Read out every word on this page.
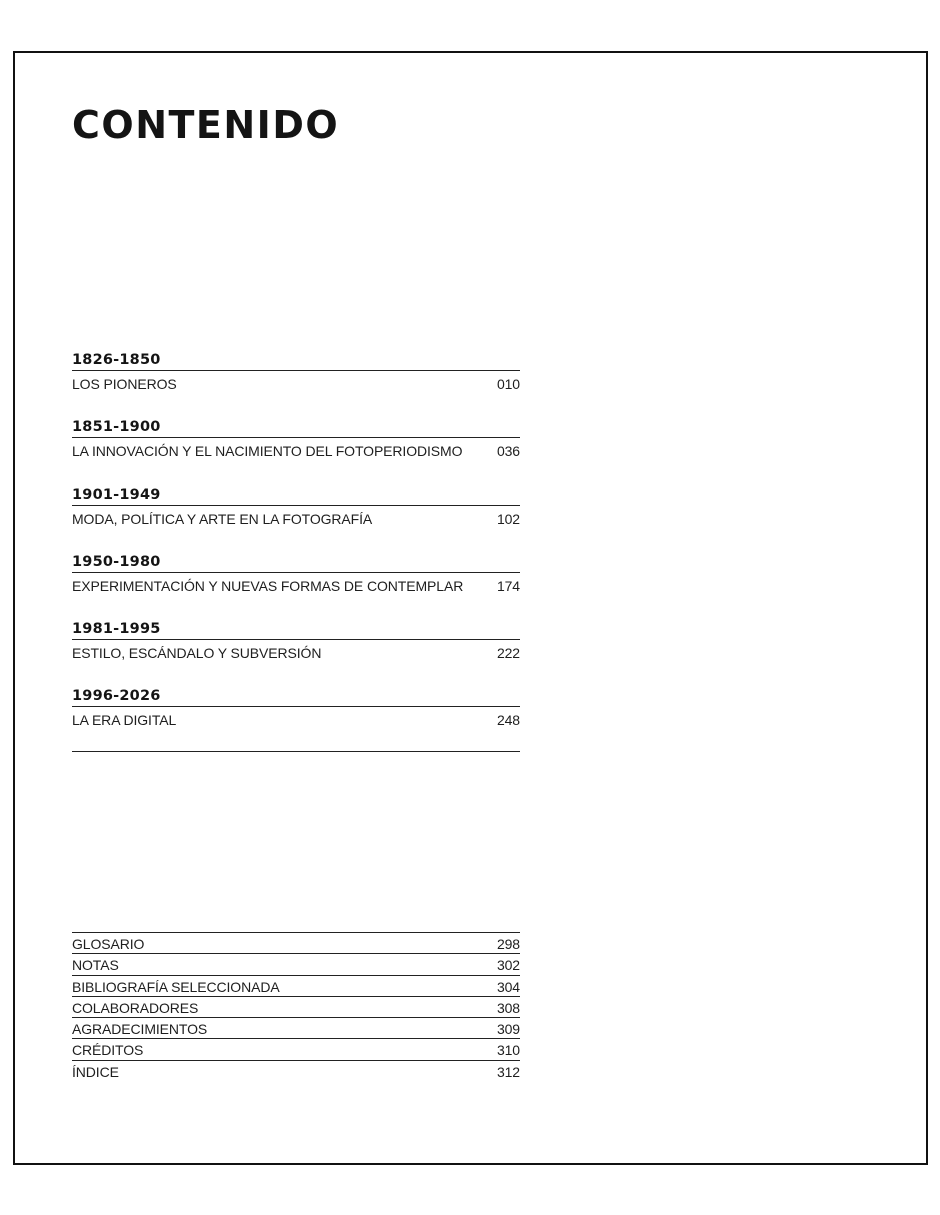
CONTENIDO
1826-1850
LOS PIONEROS	010
1851-1900
LA INNOVACIÓN Y EL NACIMIENTO DEL FOTOPERIODISMO 036
1901-1949
MODA, POLÍTICA Y ARTE EN LA FOTOGRAFÍA	102
1950-1980
EXPERIMENTACIÓN Y NUEVAS FORMAS DE CONTEMPLAR 174
1981-1995
ESTILO, ESCÁNDALO Y SUBVERSIÓN	222
1996-2026
LA ERA DIGITAL	248
GLOSARIO	298
NOTAS	302
BIBLIOGRAFÍA SELECCIONADA	304
COLABORADORES	308
AGRADECIMIENTOS	309
CRÉDITOS	310
ÍNDICE	312
